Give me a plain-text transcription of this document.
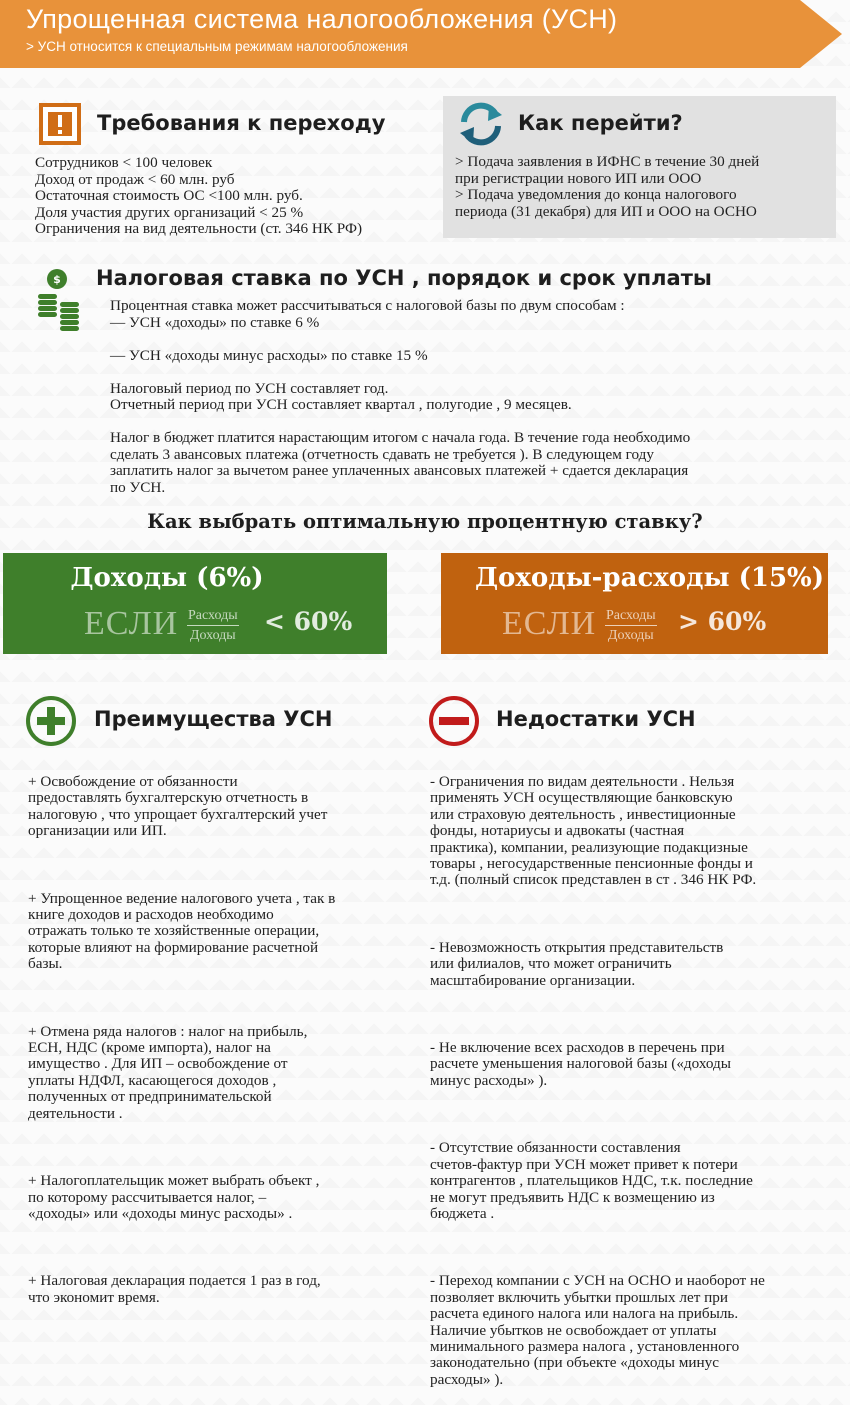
Упрощенная система налогообложения (УСН)
> УСН относится к специальным режимам налогообложения
Требования к переходу
Сотрудников < 100 человек
Доход от продаж < 60 млн. руб
Остаточная стоимость ОС <100 млн. руб.
Доля участия других организаций < 25 %
Ограничения на вид деятельности (ст. 346 НК РФ)
Как перейти?
> Подача заявления в ИФНС в течение 30 дней
при регистрации нового ИП или ООО
> Подача уведомления до конца налогового
периода (31 декабря) для ИП и ООО на ОСНО
$ Налоговая ставка по УСН , порядок и срок уплаты
Процентная ставка может рассчитываться с налоговой базы по двум способам :
— УСН «доходы» по ставке 6 %
— УСН «доходы минус расходы» по ставке 15 %
Налоговый период по УСН составляет год.
Отчетный период при УСН составляет квартал , полугодие , 9 месяцев.
Налог в бюджет платится нарастающим итогом с начала года. В течение года необходимо
сделать 3 авансовых платежа (отчетность сдавать не требуется ). В следующем году
заплатить налог за вычетом ранее уплаченных авансовых платежей + сдается декларация
по УСН.
Как выбрать оптимальную процентную ставку?
Доходы (6%)
ЕСЛИ Расходы
Доходы < 60%
Доходы-расходы (15%)
ЕСЛИ Расходы
Доходы > 60%
Преимущества УСН

+ Освобождение от обязанности
предоставлять бухгалтерскую отчетность в
налоговую , что упрощает бухгалтерский учет
организации или ИП.

+ Упрощенное ведение налогового учета , так в
книге доходов и расходов необходимо
отражать только те хозяйственные операции,
которые влияют на формирование расчетной
базы.

+ Отмена ряда налогов : налог на прибыль,
ЕСН, НДС (кроме импорта), налог на
имущество . Для ИП – освобождение от
уплаты НДФЛ, касающегося доходов ,
полученных от предпринимательской
деятельности .

+ Налогоплательщик может выбрать объект ,
по которому рассчитывается налог, –
«доходы» или «доходы минус расходы» .

+ Налоговая декларация подается 1 раз в год,
что экономит время.

Недостатки УСН

- Ограничения по видам деятельности . Нельзя
применять УСН осуществляющие банковскую
или страховую деятельность , инвестиционные
фонды, нотариусы и адвокаты (частная
практика), компании, реализующие подакцизные
товары , негосударственные пенсионные фонды и
т.д. (полный список представлен в ст . 346 НК РФ.

- Невозможность открытия представительств
или филиалов, что может ограничить
масштабирование организации.

- Не включение всех расходов в перечень при
расчете уменьшения налоговой базы («доходы
минус расходы» ).

- Отсутствие обязанности составления
счетов-фактур при УСН может привет к потери
контрагентов , плательщиков НДС, т.к. последние
не могут предъявить НДС к возмещению из
бюджета .

- Переход компании с УСН на ОСНО и наоборот не
позволяет включить убытки прошлых лет при
расчета единого налога или налога на прибыль.
Наличие убытков не освобождает от уплаты
минимального размера налога , установленного
законодательно (при объекте «доходы минус
расходы» ).
